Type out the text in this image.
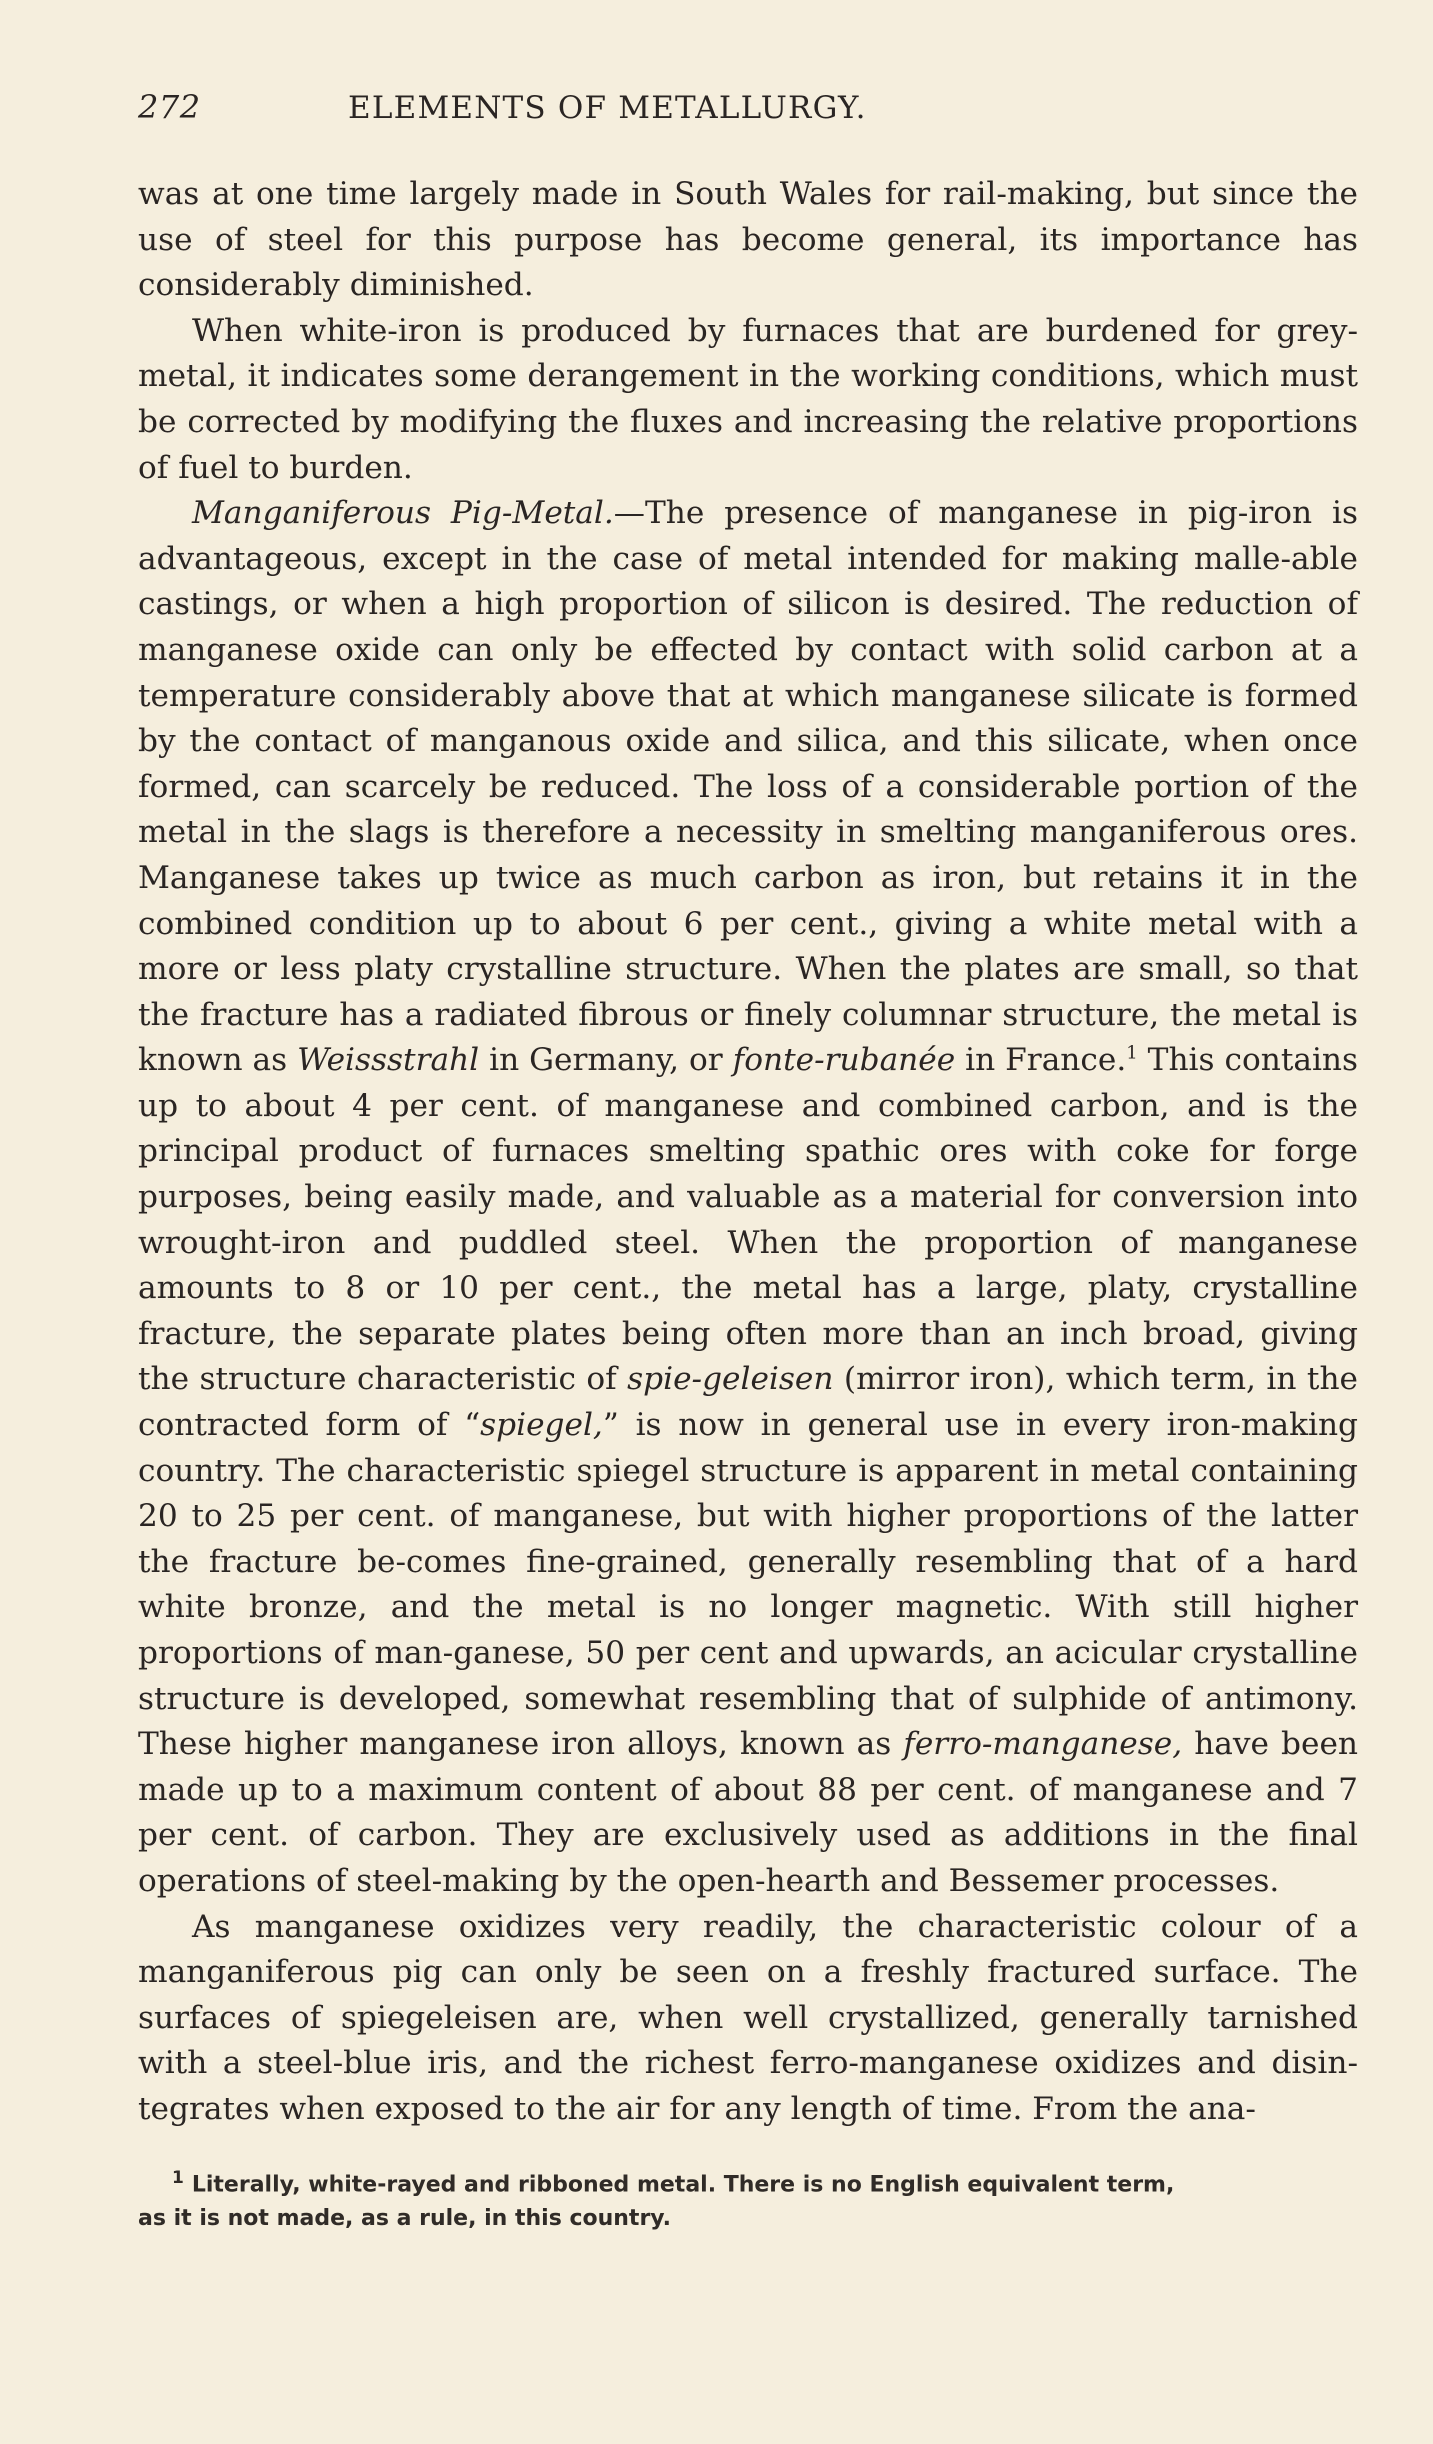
272	ELEMENTS OF METALLURGY.

was at one time largely made in South Wales for rail-making, but since the use of steel for this purpose has become general, its importance has considerably diminished.

When white-iron is produced by furnaces that are burdened for grey-metal, it indicates some derangement in the working conditions, which must be corrected by modifying the fluxes and increasing the relative proportions of fuel to burden.

Manganiferous Pig-Metal.—The presence of manganese in pig-iron is advantageous, except in the case of metal intended for making malle-able castings, or when a high proportion of silicon is desired. The reduction of manganese oxide can only be effected by contact with solid carbon at a temperature considerably above that at which manganese silicate is formed by the contact of manganous oxide and silica, and this silicate, when once formed, can scarcely be reduced. The loss of a considerable portion of the metal in the slags is therefore a necessity in smelting manganiferous ores. Manganese takes up twice as much carbon as iron, but retains it in the combined condition up to about 6 per cent., giving a white metal with a more or less platy crystalline structure. When the plates are small, so that the fracture has a radiated fibrous or finely columnar structure, the metal is known as Weissstrahl in Germany, or fonte-rubanée in France.$^1$ This contains up to about 4 per cent. of manganese and combined carbon, and is the principal product of furnaces smelting spathic ores with coke for forge purposes, being easily made, and valuable as a material for conversion into wrought-iron and puddled steel. When the proportion of manganese amounts to 8 or 10 per cent., the metal has a large, platy, crystalline fracture, the separate plates being often more than an inch broad, giving the structure characteristic of spie-geleisen (mirror iron), which term, in the contracted form of “spiegel,” is now in general use in every iron-making country. The characteristic spiegel structure is apparent in metal containing 20 to 25 per cent. of manganese, but with higher proportions of the latter the fracture be-comes fine-grained, generally resembling that of a hard white bronze, and the metal is no longer magnetic. With still higher proportions of man-ganese, 50 per cent and upwards, an acicular crystalline structure is developed, somewhat resembling that of sulphide of antimony. These higher manganese iron alloys, known as ferro-manganese, have been made up to a maximum content of about 88 per cent. of manganese and 7 per cent. of carbon. They are exclusively used as additions in the final operations of steel-making by the open-hearth and Bessemer processes.

As manganese oxidizes very readily, the characteristic colour of a manganiferous pig can only be seen on a freshly fractured surface. The surfaces of spiegeleisen are, when well crystallized, generally tarnished with a steel-blue iris, and the richest ferro-manganese oxidizes and disin-tegrates when exposed to the air for any length of time. From the ana-

$^1$ Literally, white-rayed and ribboned metal. There is no English equivalent term,
as it is not made, as a rule, in this country.
